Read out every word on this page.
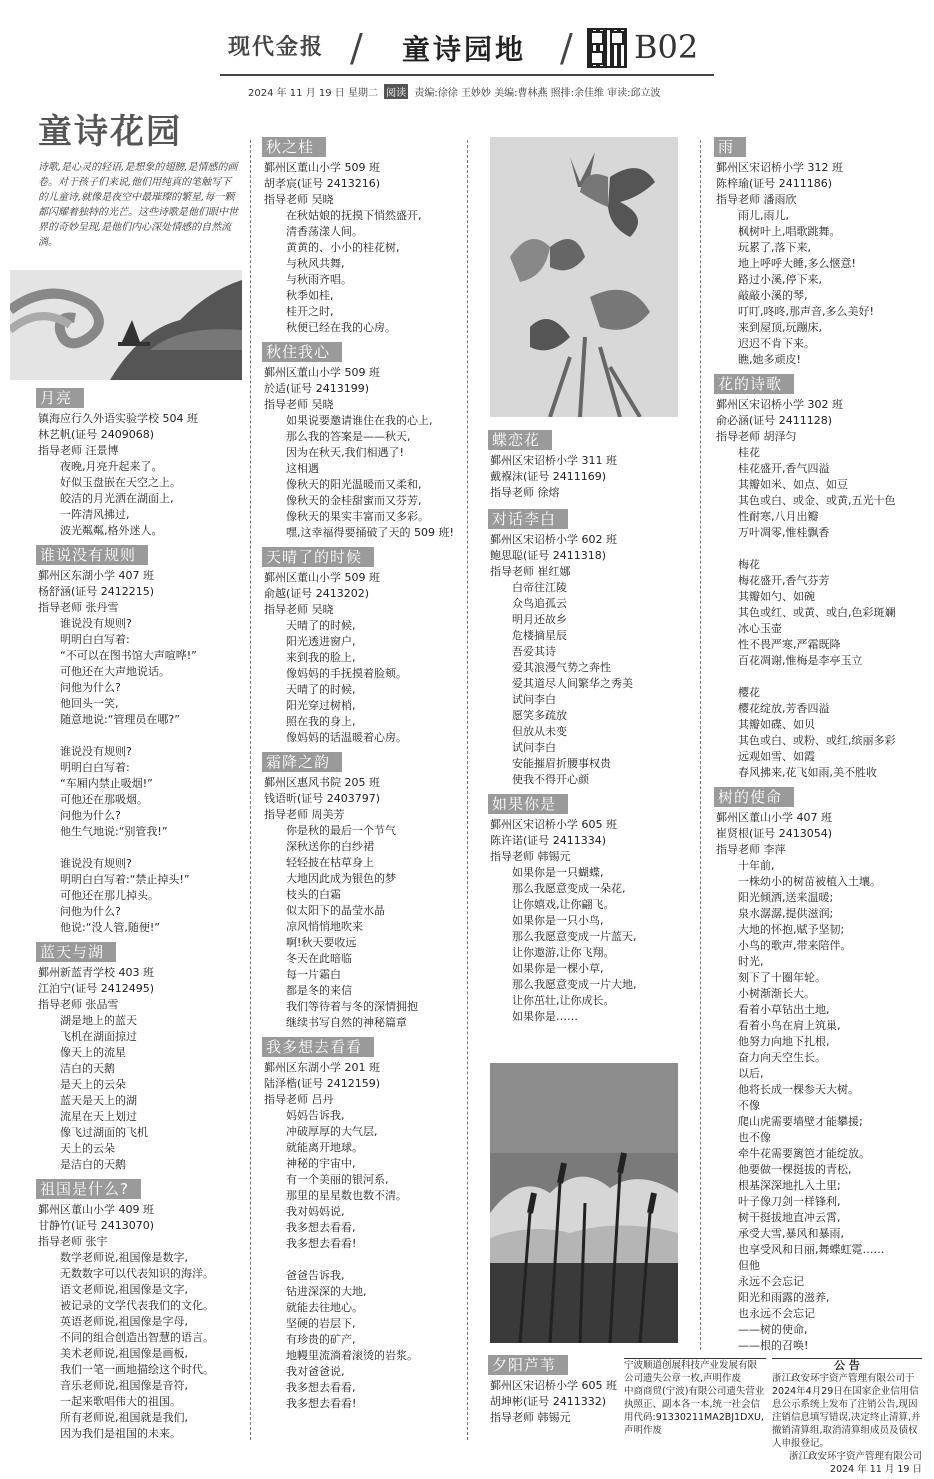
现代金报 / 童诗园地 / B02
2024 年 11 月 19 日 星期二 阅读 责编:徐徐 王妙妙 美编:曹林燕 照排:余佳维 审读:邱立波
童诗花园
诗歌,是心灵的轻语,是想象的翅膀,是情感的画卷。对于孩子们来说,他们用纯真的笔触写下的儿童诗,就像是夜空中最璀璨的繁星,每一颗都闪耀着独特的光芒。这些诗歌是他们眼中世界的奇妙呈现,是他们内心深处情感的自然流淌。
月亮
镇海应行久外语实验学校 504 班
林艺帆(证号 2409068)
指导老师 汪景博
夜晚,月亮升起来了。
好似玉盘嵌在天空之上。
皎洁的月光洒在湖面上,
一阵清风拂过,
波光粼粼,格外迷人。
谁说没有规则
鄞州区东湖小学 407 班
杨舒涵(证号 2412215)
指导老师 张丹雪
谁说没有规则?
明明白白写着:
“不可以在图书馆大声喧哗!”
可他还在大声地说话。
问他为什么?
他回头一笑,
随意地说:“管理员在哪?”
谁说没有规则?
明明白白写着:
“车厢内禁止吸烟!”
可他还在那吸烟。
问他为什么?
他生气地说:“别管我!”
谁说没有规则?
明明白白写着:“禁止掉头!”
可他还在那儿掉头。
问他为什么?
他说:“没人管,随便!”
蓝天与湖
鄞州新蓝青学校 403 班
江泊宁(证号 2412495)
指导老师 张品雪
湖是地上的蓝天
飞机在湖面掠过
像天上的流星
洁白的天鹅
是天上的云朵
蓝天是天上的湖
流星在天上划过
像飞过湖面的飞机
天上的云朵
是洁白的天鹅
祖国是什么?
鄞州区董山小学 409 班
甘静竹(证号 2413070)
指导老师 张宇
数学老师说,祖国像是数字,
无数数字可以代表知识的海洋。
语文老师说,祖国像是文字,
被记录的文学代表我们的文化。
英语老师说,祖国像是字母,
不同的组合创造出智慧的语言。
美术老师说,祖国像是画板,
我们一笔一画地描绘这个时代。
音乐老师说,祖国像是音符,
一起来歌唱伟大的祖国。
所有老师说,祖国就是我们,
因为我们是祖国的未来。
秋之桂
鄞州区董山小学 509 班
胡孝宸(证号 2413216)
指导老师 吴晓
在秋姑娘的抚摸下悄然盛开,
清香荡漾人间。
黄黄的、小小的桂花树,
与秋风共舞,
与秋雨齐唱。
秋季如桂,
桂开之时,
秋便已经在我的心房。
秋住我心
鄞州区董山小学 509 班
於适(证号 2413199)
指导老师 吴晓
如果说要邀请谁住在我的心上,
那么我的答案是——秋天,
因为在秋天,我们相遇了!
这相遇
像秋天的阳光温暖而又柔和,
像秋天的金桂甜蜜而又芬芳,
像秋天的果实丰富而又多彩。
嘿,这幸福得要捅破了天的 509 班!
天晴了的时候
鄞州区董山小学 509 班
俞越(证号 2413202)
指导老师 吴晓
天晴了的时候,
阳光透进窗户,
来到我的脸上,
像妈妈的手抚摸着脸颊。
天晴了的时候,
阳光穿过树梢,
照在我的身上,
像妈妈的话温暖着心房。
霜降之韵
鄞州区惠风书院 205 班
钱语昕(证号 2403797)
指导老师 周美芳
你是秋的最后一个节气
深秋送你的白纱裙
轻轻披在枯草身上
大地因此成为银色的梦
枝头的白霜
似太阳下的晶莹水晶
凉风悄悄地吹来
啊!秋天要收远
冬天在此暗临
每一片霜白
都是冬的来信
我们等待着与冬的深情拥抱
继续书写自然的神秘篇章
我多想去看看
鄞州区东湖小学 201 班
陆泽楷(证号 2412159)
指导老师 吕丹
妈妈告诉我,
冲破厚厚的大气层,
就能离开地球。
神秘的宇宙中,
有一个美丽的银河系,
那里的星星数也数不清。
我对妈妈说,
我多想去看看,
我多想去看看!
爸爸告诉我,
钻进深深的大地,
就能去往地心。
坚硬的岩层下,
有珍贵的矿产,
地幔里流淌着滚烫的岩浆。
我对爸爸说,
我多想去看看,
我多想去看看!
蝶恋花
鄞州区宋诏桥小学 311 班
戴褓沫(证号 2411169)
指导老师 徐熔
对话李白
鄞州区宋诏桥小学 602 班
鲍思聪(证号 2411318)
指导老师 崔红娜
白帝往江陵
众鸟追孤云
明月还故乡
危楼摘星辰
吾爱其诗
爱其浪漫气势之奔性
爱其道尽人间繁华之秀美
试问李白
愿笑多疏放
但放从未变
试问李白
安能摧眉折腰事权贵
使我不得开心颜
如果你是
鄞州区宋诏桥小学 605 班
陈许诺(证号 2411334)
指导老师 韩锡元
如果你是一只蝴蝶,
那么我愿意变成一朵花,
让你嬉戏,让你翩飞。
如果你是一只小鸟,
那么我愿意变成一片蓝天,
让你遨游,让你飞翔。
如果你是一棵小草,
那么我愿意变成一片大地,
让你茁壮,让你成长。
如果你是……
夕阳芦苇
鄞州区宋诏桥小学 605 班
胡坤彬(证号 2411332)
指导老师 韩锡元
雨
鄞州区宋诏桥小学 312 班
陈梓瑜(证号 2411186)
指导老师 潘雨欣
雨儿,雨儿,
枫树叶上,唱歌跳舞。
玩累了,落下来,
地上呼呼大睡,多么惬意!
路过小溪,停下来,
敲敲小溪的琴,
叮叮,咚咚,那声音,多么美好!
来到屋顶,玩蹦床,
迟迟不肯下来。
瞧,她多顽皮!
花的诗歌
鄞州区宋诏桥小学 302 班
俞必涵(证号 2411128)
指导老师 胡泽匀
桂花
桂花盛开,香气四溢
其瓣如米、如点、如豆
其色或白、或金、或黄,五光十色
性耐寒,八月出瓣
万叶凋零,惟桂飘香
梅花
梅花盛开,香气芬芳
其瓣如勺、如碗
其色或红、或黄、或白,色彩斑斓
冰心玉壶
性不畏严寒,严霜既降
百花凋谢,惟梅是李亭玉立
樱花
樱花绽放,芳香四溢
其瓣如碟、如贝
其色或白、或粉、或红,缤丽多彩
远观如雪、如霞
春风拂来,花飞如雨,美不胜收
树的使命
鄞州区董山小学 407 班
崔贤根(证号 2413054)
指导老师 李萍
十年前,
一株幼小的树苗被植入土壤。
阳光倾洒,送来温暖;
泉水潺潺,提供滋润;
大地的怀抱,赋予坚韧;
小鸟的歌声,带来陪伴。
时光,
刻下了十圈年轮。
小树渐渐长大。
看着小草钻出土地,
看着小鸟在肩上筑巢,
他努力向地下扎根,
奋力向天空生长。
以后,
他将长成一棵参天大树。
不像
爬山虎需要墙壁才能攀援;
也不像
牵牛花需要篱笆才能绽放。
他要做一棵挺拔的青松,
根基深深地扎入土里;
叶子像刀剑一样锋利,
树干挺拔地直冲云霄,
承受大雪,暴风和暴雨,
也享受风和日丽,舞蝶虹霓……
但他
永远不会忘记
阳光和雨露的滋养,
也永远不会忘记
——树的使命,
——根的召唤!
宁波顺道创展科技产业发展有限公司遗失公章一枚,声明作废
中商商贸(宁波)有限公司遗失营业执照正、副本各一本,统一社会信用代码:91330211MA2BJ1DXU,声明作废
公 告
浙江政安环宇资产管理有限公司于2024年4月29日在国家企业信用信息公示系统上发布了注销公告,现因注销信息填写错误,决定终止清算,并撤销清算组,取消清算组成员及债权人申报登记。
浙江政安环宇资产管理有限公司
2024 年 11 月 19 日
